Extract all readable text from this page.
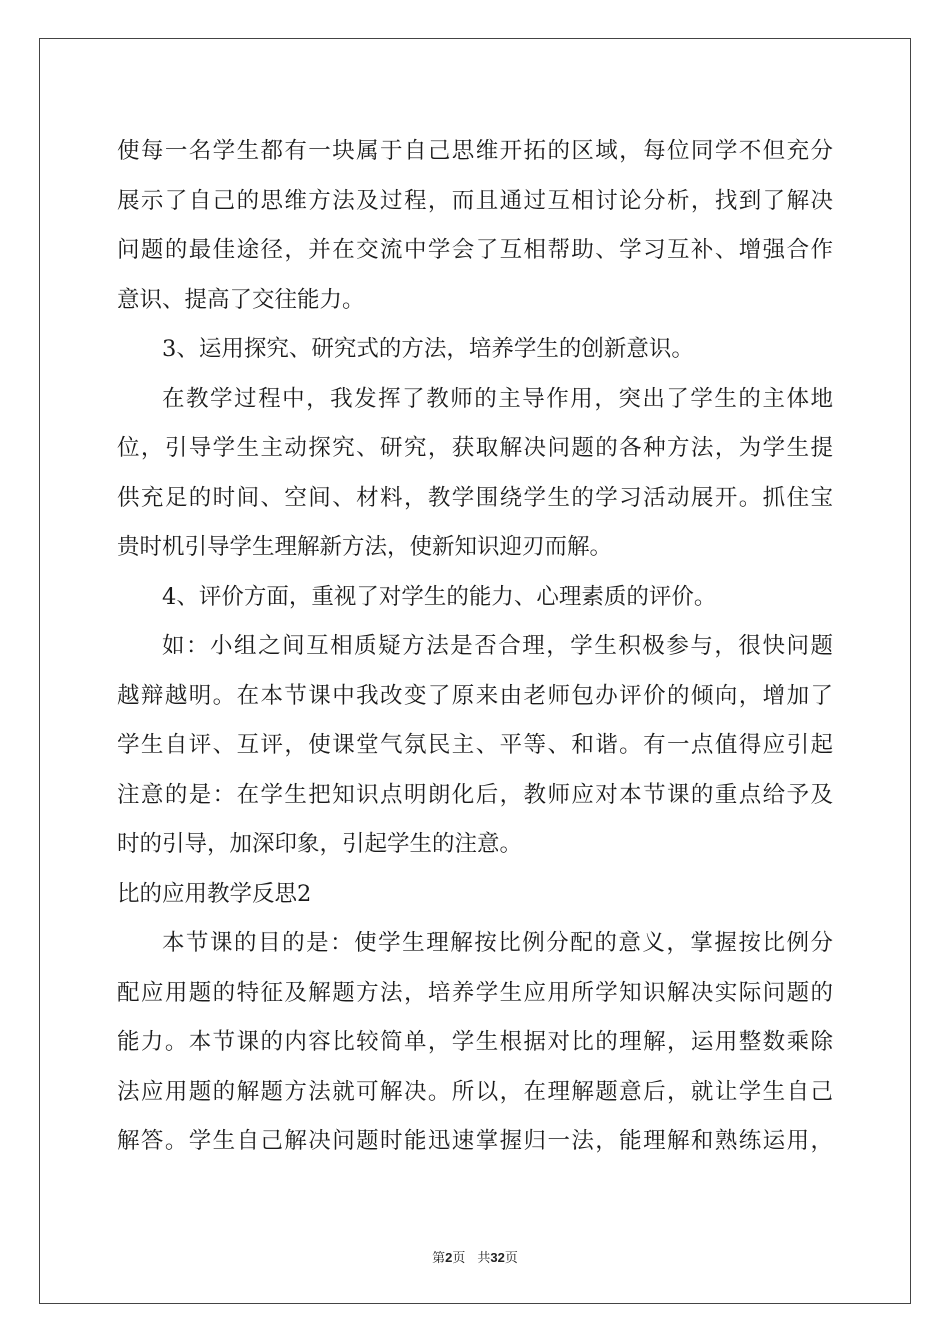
使每一名学生都有一块属于自己思维开拓的区域，每位同学不但充分
展示了自己的思维方法及过程，而且通过互相讨论分析，找到了解决
问题的最佳途径，并在交流中学会了互相帮助、学习互补、增强合作
意识、提高了交往能力。
3、运用探究、研究式的方法，培养学生的创新意识。
在教学过程中，我发挥了教师的主导作用，突出了学生的主体地
位，引导学生主动探究、研究，获取解决问题的各种方法，为学生提
供充足的时间、空间、材料，教学围绕学生的学习活动展开。抓住宝
贵时机引导学生理解新方法，使新知识迎刃而解。
4、评价方面，重视了对学生的能力、心理素质的评价。
如：小组之间互相质疑方法是否合理，学生积极参与，很快问题
越辩越明。在本节课中我改变了原来由老师包办评价的倾向，增加了
学生自评、互评，使课堂气氛民主、平等、和谐。有一点值得应引起
注意的是：在学生把知识点明朗化后，教师应对本节课的重点给予及
时的引导，加深印象，引起学生的注意。
比的应用教学反思2
本节课的目的是：使学生理解按比例分配的意义，掌握按比例分
配应用题的特征及解题方法，培养学生应用所学知识解决实际问题的
能力。本节课的内容比较简单，学生根据对比的理解，运用整数乘除
法应用题的解题方法就可解决。所以，在理解题意后，就让学生自己
解答。学生自己解决问题时能迅速掌握归一法，能理解和熟练运用，
第2页 共32页
